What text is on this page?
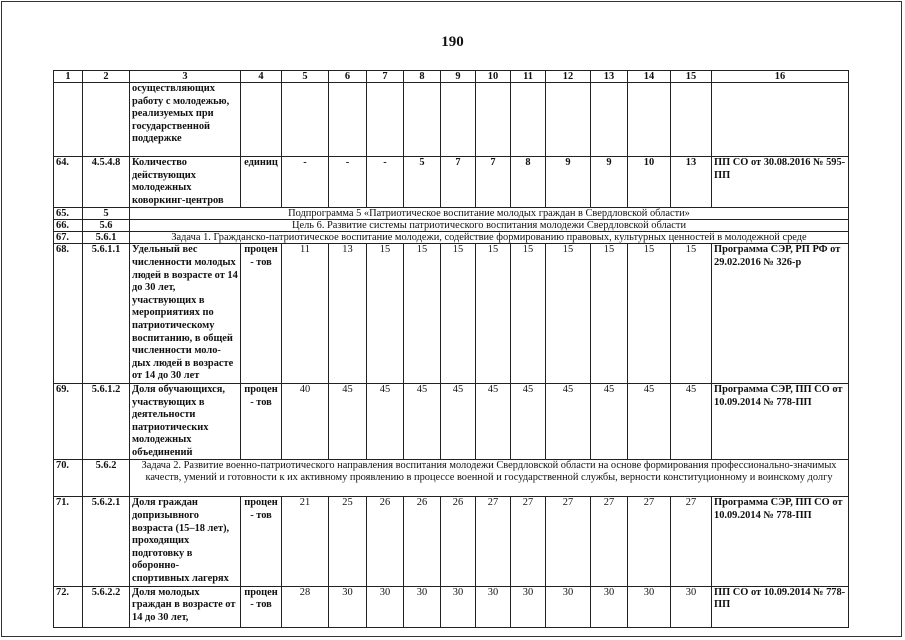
190
1	2	3	4	5	6	7	8	9	10	11	12	13	14	15	16
		осуществляющих работу с молодежью, реализуемых при государственной поддержке													
64.	4.5.4.8	Количество действующих молодежных коворкинг-центров	единиц	-	-	-	5	7	7	8	9	9	10	13	ПП СО от 30.08.2016 № 595-ПП
65.	5	Подпрограмма 5 «Патриотическое воспитание молодых граждан в Свердловской области»													
66.	5.6	Цель 6. Развитие системы патриотического воспитания молодежи Свердловской области													
67.	5.6.1	Задача 1. Гражданско-патриотическое воспитание молодежи, содействие формированию правовых, культурных ценностей в молодежной среде													
68.	5.6.1.1	Удельный вес численности молодых людей в возрасте от 14 до 30 лет, участвующих в мероприятиях по патриотическому воспитанию, в общей численности моло- дых людей в возрасте от 14 до 30 лет	процен- тов	11	13	15	15	15	15	15	15	15	15	15	Программа СЭР, РП РФ от 29.02.2016 № 326-р
69.	5.6.1.2	Доля обучающихся, участвующих в деятельности патриотических молодежных объединений	процен- тов	40	45	45	45	45	45	45	45	45	45	45	Программа СЭР, ПП СО от 10.09.2014 № 778-ПП
70.	5.6.2	Задача 2. Развитие военно-патриотического направления воспитания молодежи Свердловской области на основе формирования профессионально-значимых качеств, умений и готовности к их активному проявлению в процессе военной и государственной службы, верности конституционному и воинскому долгу													
71.	5.6.2.1	Доля граждан допризывного возраста (15–18 лет), проходящих подготовку в оборонно- спортивных лагерях	процен- тов	21	25	26	26	26	27	27	27	27	27	27	Программа СЭР, ПП СО от 10.09.2014 № 778-ПП
72.	5.6.2.2	Доля молодых граждан в возрасте от 14 до 30 лет,	процен- тов	28	30	30	30	30	30	30	30	30	30	30	ПП СО от 10.09.2014 № 778-ПП
